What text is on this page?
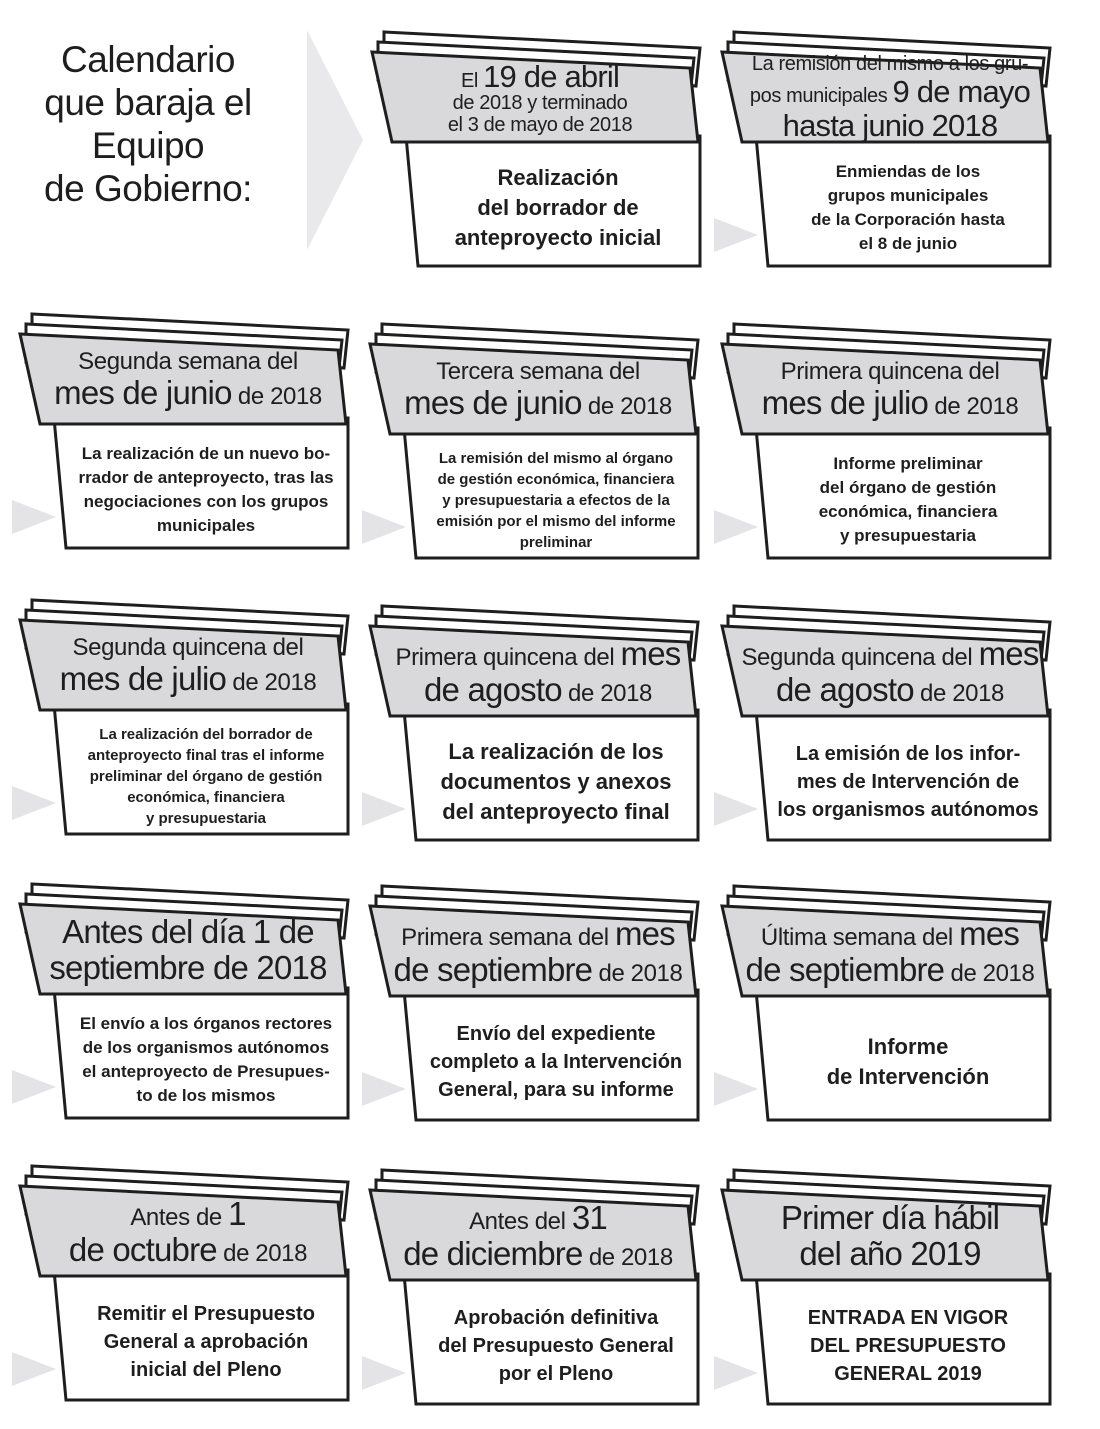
Calendario
que baraja el
Equipo
de Gobierno:
El 19 de abril
de 2018 y terminado
el 3 de mayo de 2018
Realización
del borrador de
anteproyecto inicial
La remisión del mismo a los gru-
pos municipales 9 de mayo
hasta junio 2018
Enmiendas de los
grupos municipales
de la Corporación hasta
el 8 de junio
Segunda semana del
mes de junio de 2018
La realización de un nuevo bo-
rrador de anteproyecto, tras las
negociaciones con los grupos
municipales
Tercera semana del
mes de junio de 2018
La remisión del mismo al órgano
de gestión económica, financiera
y presupuestaria a efectos de la
emisión por el mismo del informe
preliminar
Primera quincena del
mes de julio de 2018
Informe preliminar
del órgano de gestión
económica, financiera
y presupuestaria
Segunda quincena del
mes de julio de 2018
La realización del borrador de
anteproyecto final tras el informe
preliminar del órgano de gestión
económica, financiera
y presupuestaria
Primera quincena del mes
de agosto de 2018
La realización de los
documentos y anexos
del anteproyecto final
Segunda quincena del mes
de agosto de 2018
La emisión de los infor-
mes de Intervención de
los organismos autónomos
Antes del día 1 de
septiembre de 2018
El envío a los órganos rectores
de los organismos autónomos
el anteproyecto de Presupues-
to de los mismos
Primera semana del mes
de septiembre de 2018
Envío del expediente
completo a la Intervención
General, para su informe
Última semana del mes
de septiembre de 2018
Informe
de Intervención
Antes de 1
de octubre de 2018
Remitir el Presupuesto
General a aprobación
inicial del Pleno
Antes del 31
de diciembre de 2018
Aprobación definitiva
del Presupuesto General
por el Pleno
Primer día hábil
del año 2019
ENTRADA EN VIGOR
DEL PRESUPUESTO
GENERAL 2019
